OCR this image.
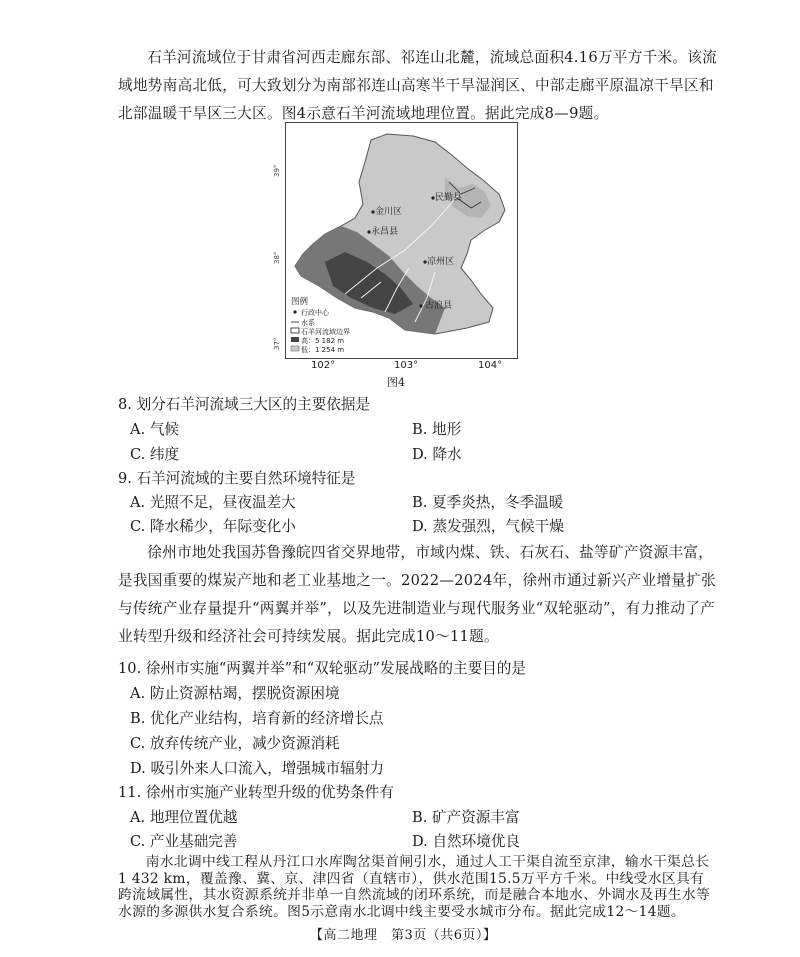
石羊河流域位于甘肃省河西走廊东部、祁连山北麓，流域总面积4.16万平方千米。该流域地势南高北低，可大致划分为南部祁连山高寒半干旱湿润区、中部走廊平原温凉干旱区和北部温暖干旱区三大区。图4示意石羊河流域地理位置。据此完成8—9题。
金川区
民勤县
永昌县
凉州区
古浪县
39°
38°
37°
图例
行政中心
水系
石羊河流域边界
高：5 182 m
低：1 254 m
102°	103°	104°
图4
8. 划分石羊河流域三大区的主要依据是
A. 气候	B. 地形
C. 纬度	D. 降水
9. 石羊河流域的主要自然环境特征是
A. 光照不足，昼夜温差大	B. 夏季炎热，冬季温暖
C. 降水稀少，年际变化小	D. 蒸发强烈，气候干燥
徐州市地处我国苏鲁豫皖四省交界地带，市域内煤、铁、石灰石、盐等矿产资源丰富，是我国重要的煤炭产地和老工业基地之一。2022—2024年，徐州市通过新兴产业增量扩张与传统产业存量提升“两翼并举”，以及先进制造业与现代服务业“双轮驱动”，有力推动了产业转型升级和经济社会可持续发展。据此完成10～11题。
10. 徐州市实施“两翼并举”和“双轮驱动”发展战略的主要目的是
A. 防止资源枯竭，摆脱资源困境
B. 优化产业结构，培育新的经济增长点
C. 放弃传统产业，减少资源消耗
D. 吸引外来人口流入，增强城市辐射力
11. 徐州市实施产业转型升级的优势条件有
A. 地理位置优越	B. 矿产资源丰富
C. 产业基础完善	D. 自然环境优良
南水北调中线工程从丹江口水库陶岔渠首闸引水，通过人工干渠自流至京津，输水干渠总长1 432 km，覆盖豫、冀、京、津四省（直辖市），供水范围15.5万平方千米。中线受水区具有跨流域属性，其水资源系统并非单一自然流域的闭环系统，而是融合本地水、外调水及再生水等水源的多源供水复合系统。图5示意南水北调中线主要受水城市分布。据此完成12～14题。
【高二地理　第3页（共6页）】
